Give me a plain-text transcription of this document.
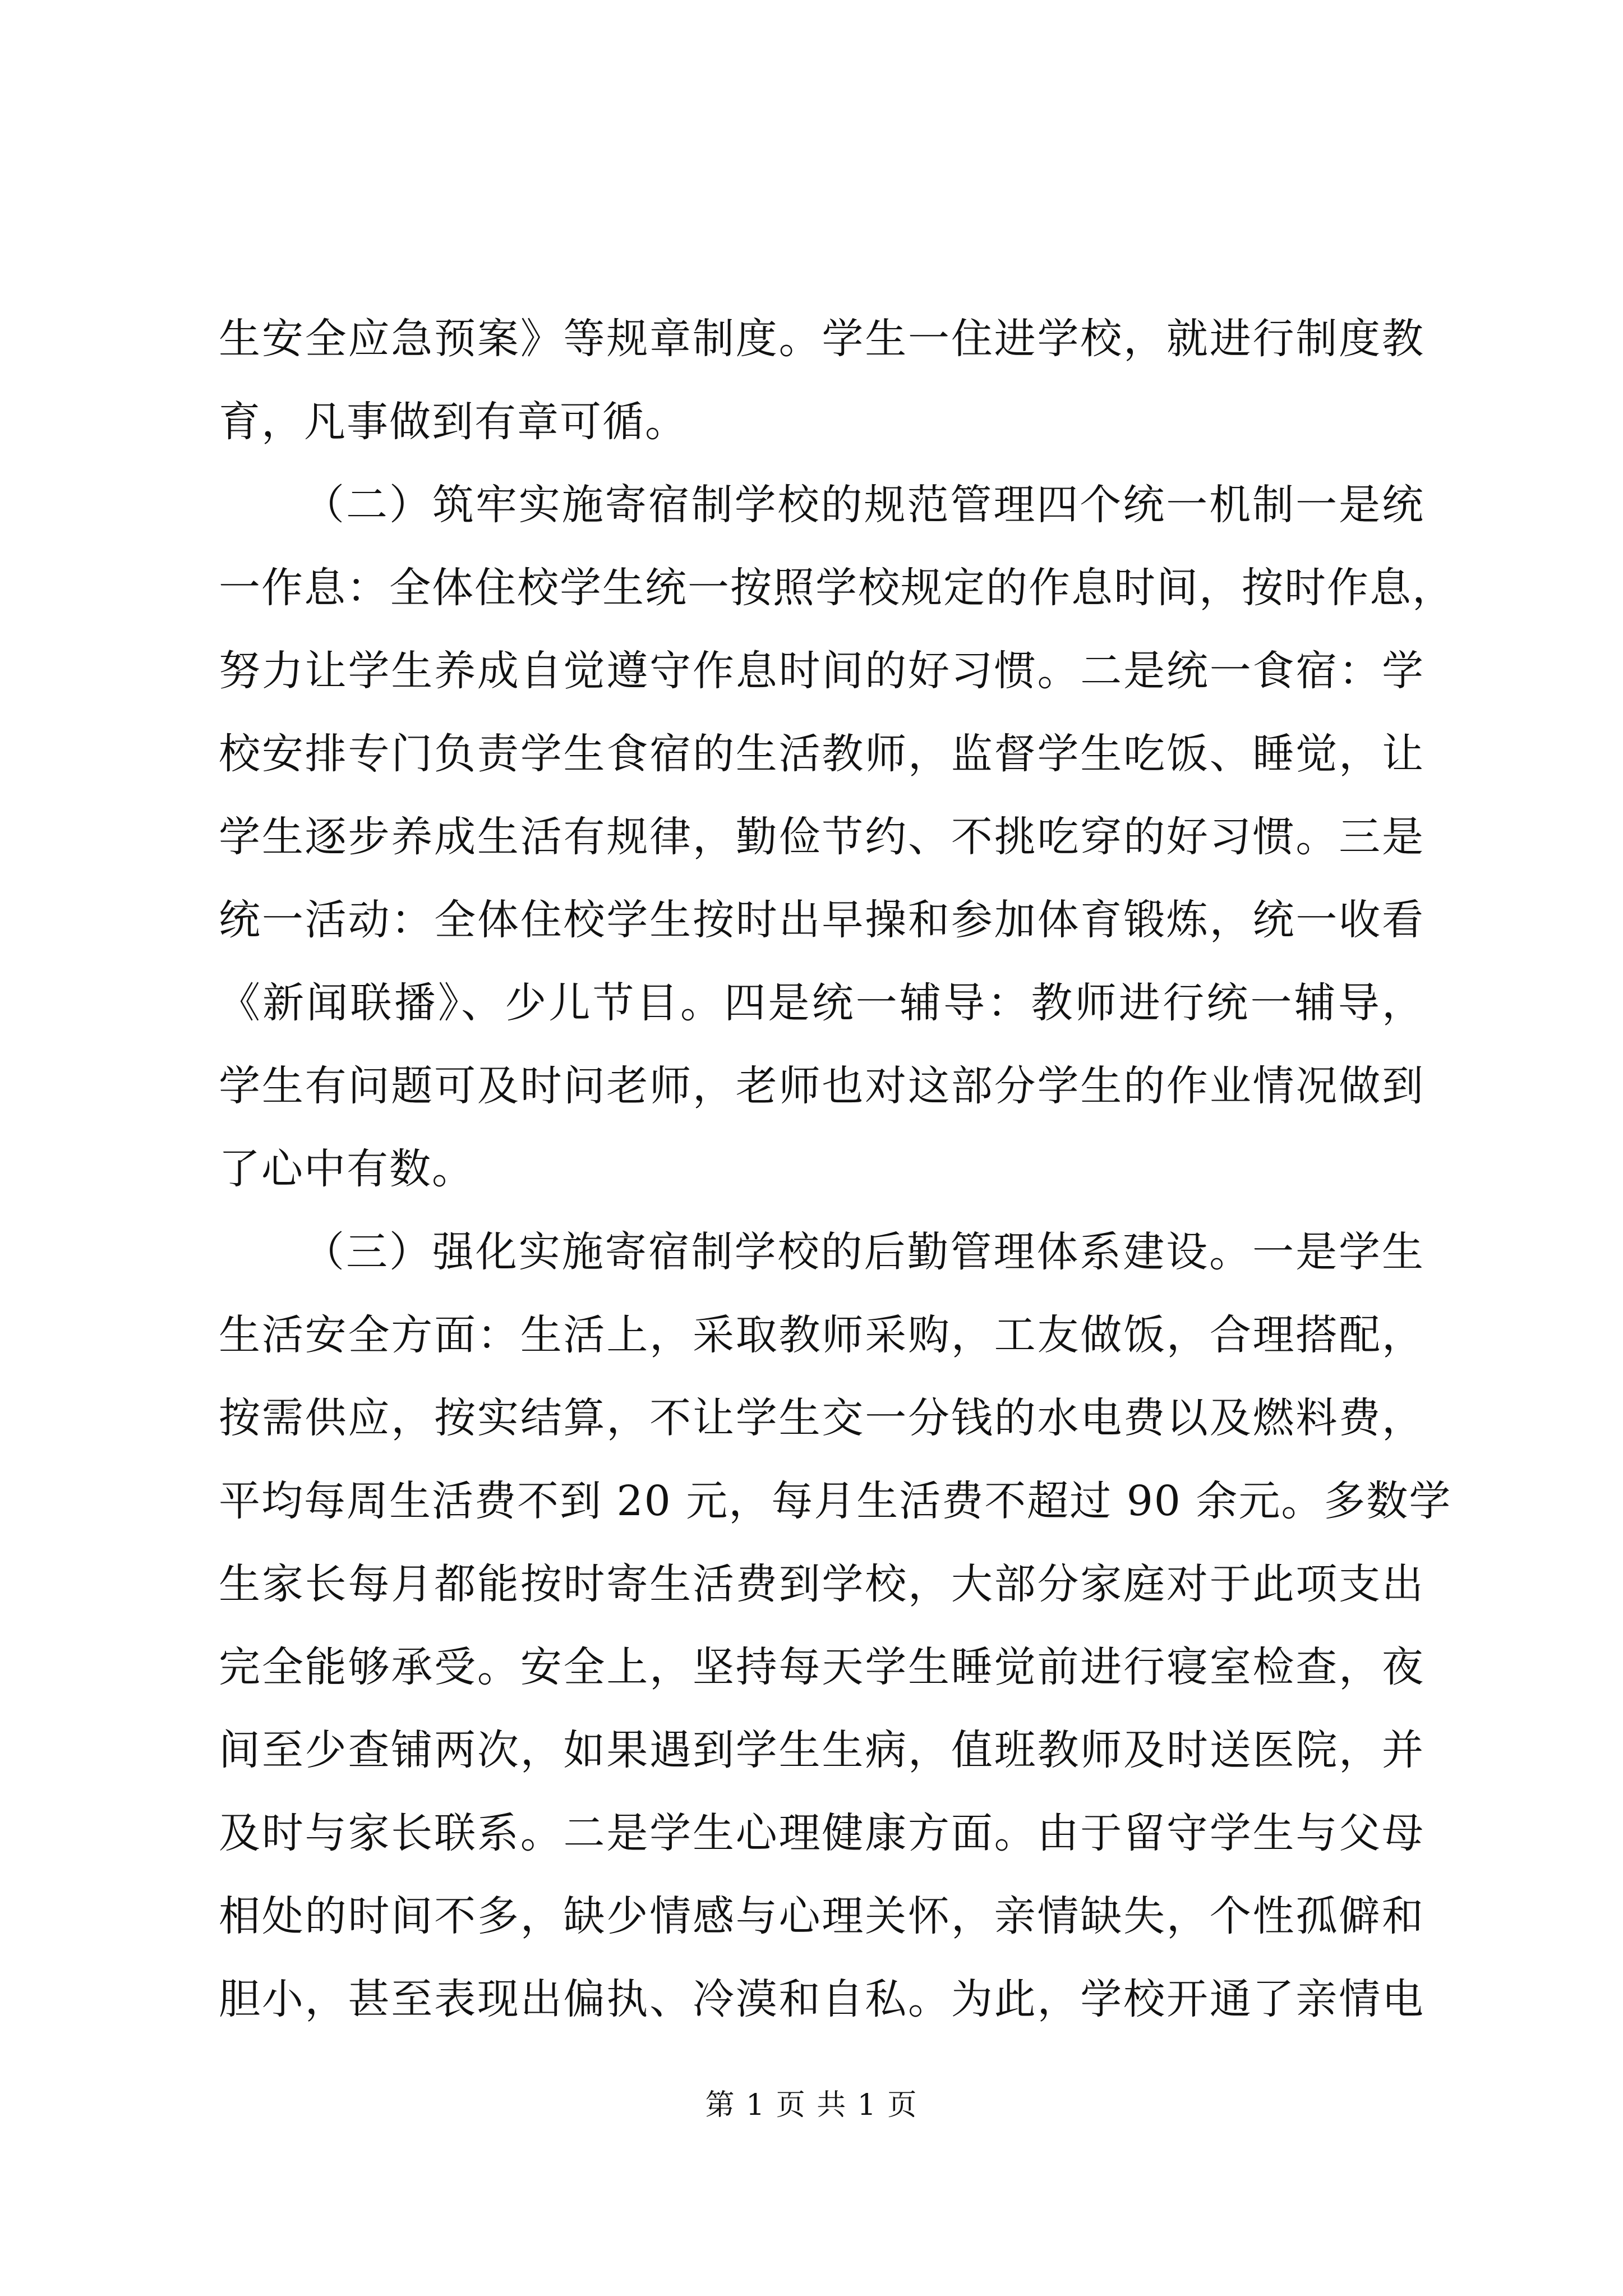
生安全应急预案》等规章制度。学生一住进学校，就进行制度教
育，凡事做到有章可循。
（二）筑牢实施寄宿制学校的规范管理四个统一机制一是统
一作息：全体住校学生统一按照学校规定的作息时间，按时作息，
努力让学生养成自觉遵守作息时间的好习惯。二是统一食宿：学
校安排专门负责学生食宿的生活教师，监督学生吃饭、睡觉，让
学生逐步养成生活有规律，勤俭节约、不挑吃穿的好习惯。三是
统一活动：全体住校学生按时出早操和参加体育锻炼，统一收看
《新闻联播》、少儿节目。四是统一辅导：教师进行统一辅导，
学生有问题可及时问老师，老师也对这部分学生的作业情况做到
了心中有数。
（三）强化实施寄宿制学校的后勤管理体系建设。一是学生
生活安全方面：生活上，采取教师采购，工友做饭，合理搭配，
按需供应，按实结算，不让学生交一分钱的水电费以及燃料费，
平均每周生活费不到 20 元，每月生活费不超过 90 余元。多数学
生家长每月都能按时寄生活费到学校，大部分家庭对于此项支出
完全能够承受。安全上，坚持每天学生睡觉前进行寝室检查，夜
间至少查铺两次，如果遇到学生生病，值班教师及时送医院，并
及时与家长联系。二是学生心理健康方面。由于留守学生与父母
相处的时间不多，缺少情感与心理关怀，亲情缺失，个性孤僻和
胆小，甚至表现出偏执、冷漠和自私。为此，学校开通了亲情电
第 1 页 共 1 页
